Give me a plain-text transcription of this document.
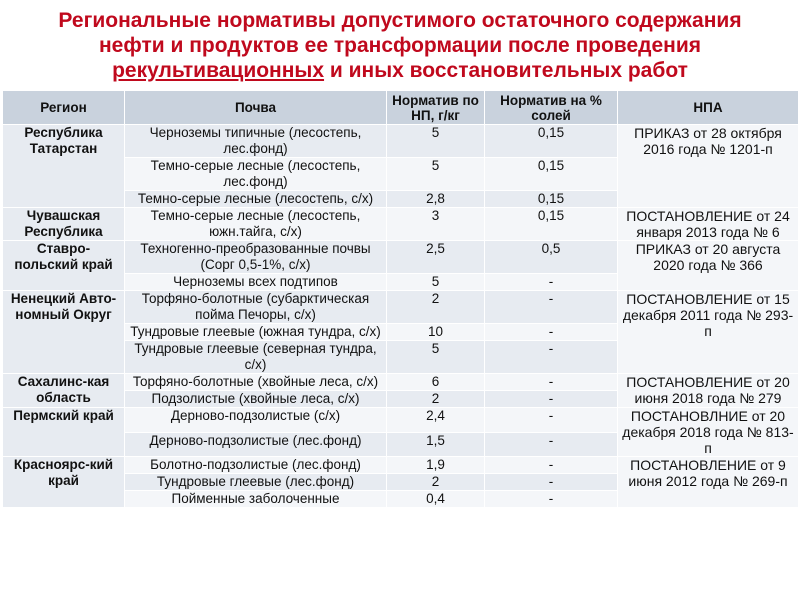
Региональные нормативы допустимого остаточного содержания
нефти и продуктов ее трансформации после проведения
рекультивационных и иных восстановительных работ
Регион	Почва	Норматив по НП, г/кг	Норматив на % солей	НПА
Республика Татарстан	Черноземы типичные (лесостепь, лес.фонд)	5	0,15	ПРИКАЗ от 28 октября 2016 года № 1201-п
	Темно-серые лесные (лесостепь, лес.фонд)	5	0,15	
	Темно-серые лесные (лесостепь, с/х)	2,8	0,15	
Чувашская Республика	Темно-серые лесные (лесостепь, южн.тайга, с/х)	3	0,15	ПОСТАНОВЛЕНИЕ от 24 января 2013 года № 6
Ставро-польский край	Техногенно-преобразованные почвы (Сорг 0,5-1%, с/х)	2,5	0,5	ПРИКАЗ от 20 августа 2020 года № 366
	Черноземы всех подтипов	5	-	
Ненецкий Авто-номный Округ	Торфяно-болотные (субарктическая пойма Печоры, с/х)	2	-	ПОСТАНОВЛЕНИЕ от 15 декабря 2011 года № 293-п
	Тундровые глеевые (южная тундра, с/х)	10	-	
	Тундровые глеевые (северная тундра, с/х)	5	-	
Сахалинс-кая область	Торфяно-болотные (хвойные леса, с/х)	6	-	ПОСТАНОВЛЕНИЕ от 20 июня 2018 года № 279
	Подзолистые (хвойные леса, с/х)	2	-	
Пермский край	Дерново-подзолистые (с/х)	2,4	-	ПОСТАНОВЛНИЕ от 20 декабря 2018 года № 813-п
	Дерново-подзолистые (лес.фонд)	1,5	-	
Красноярс-кий край	Болотно-подзолистые (лес.фонд)	1,9	-	ПОСТАНОВЛЕНИЕ от 9 июня 2012 года № 269-п
	Тундровые глеевые (лес.фонд)	2	-	
	Пойменные заболоченные	0,4	-	
